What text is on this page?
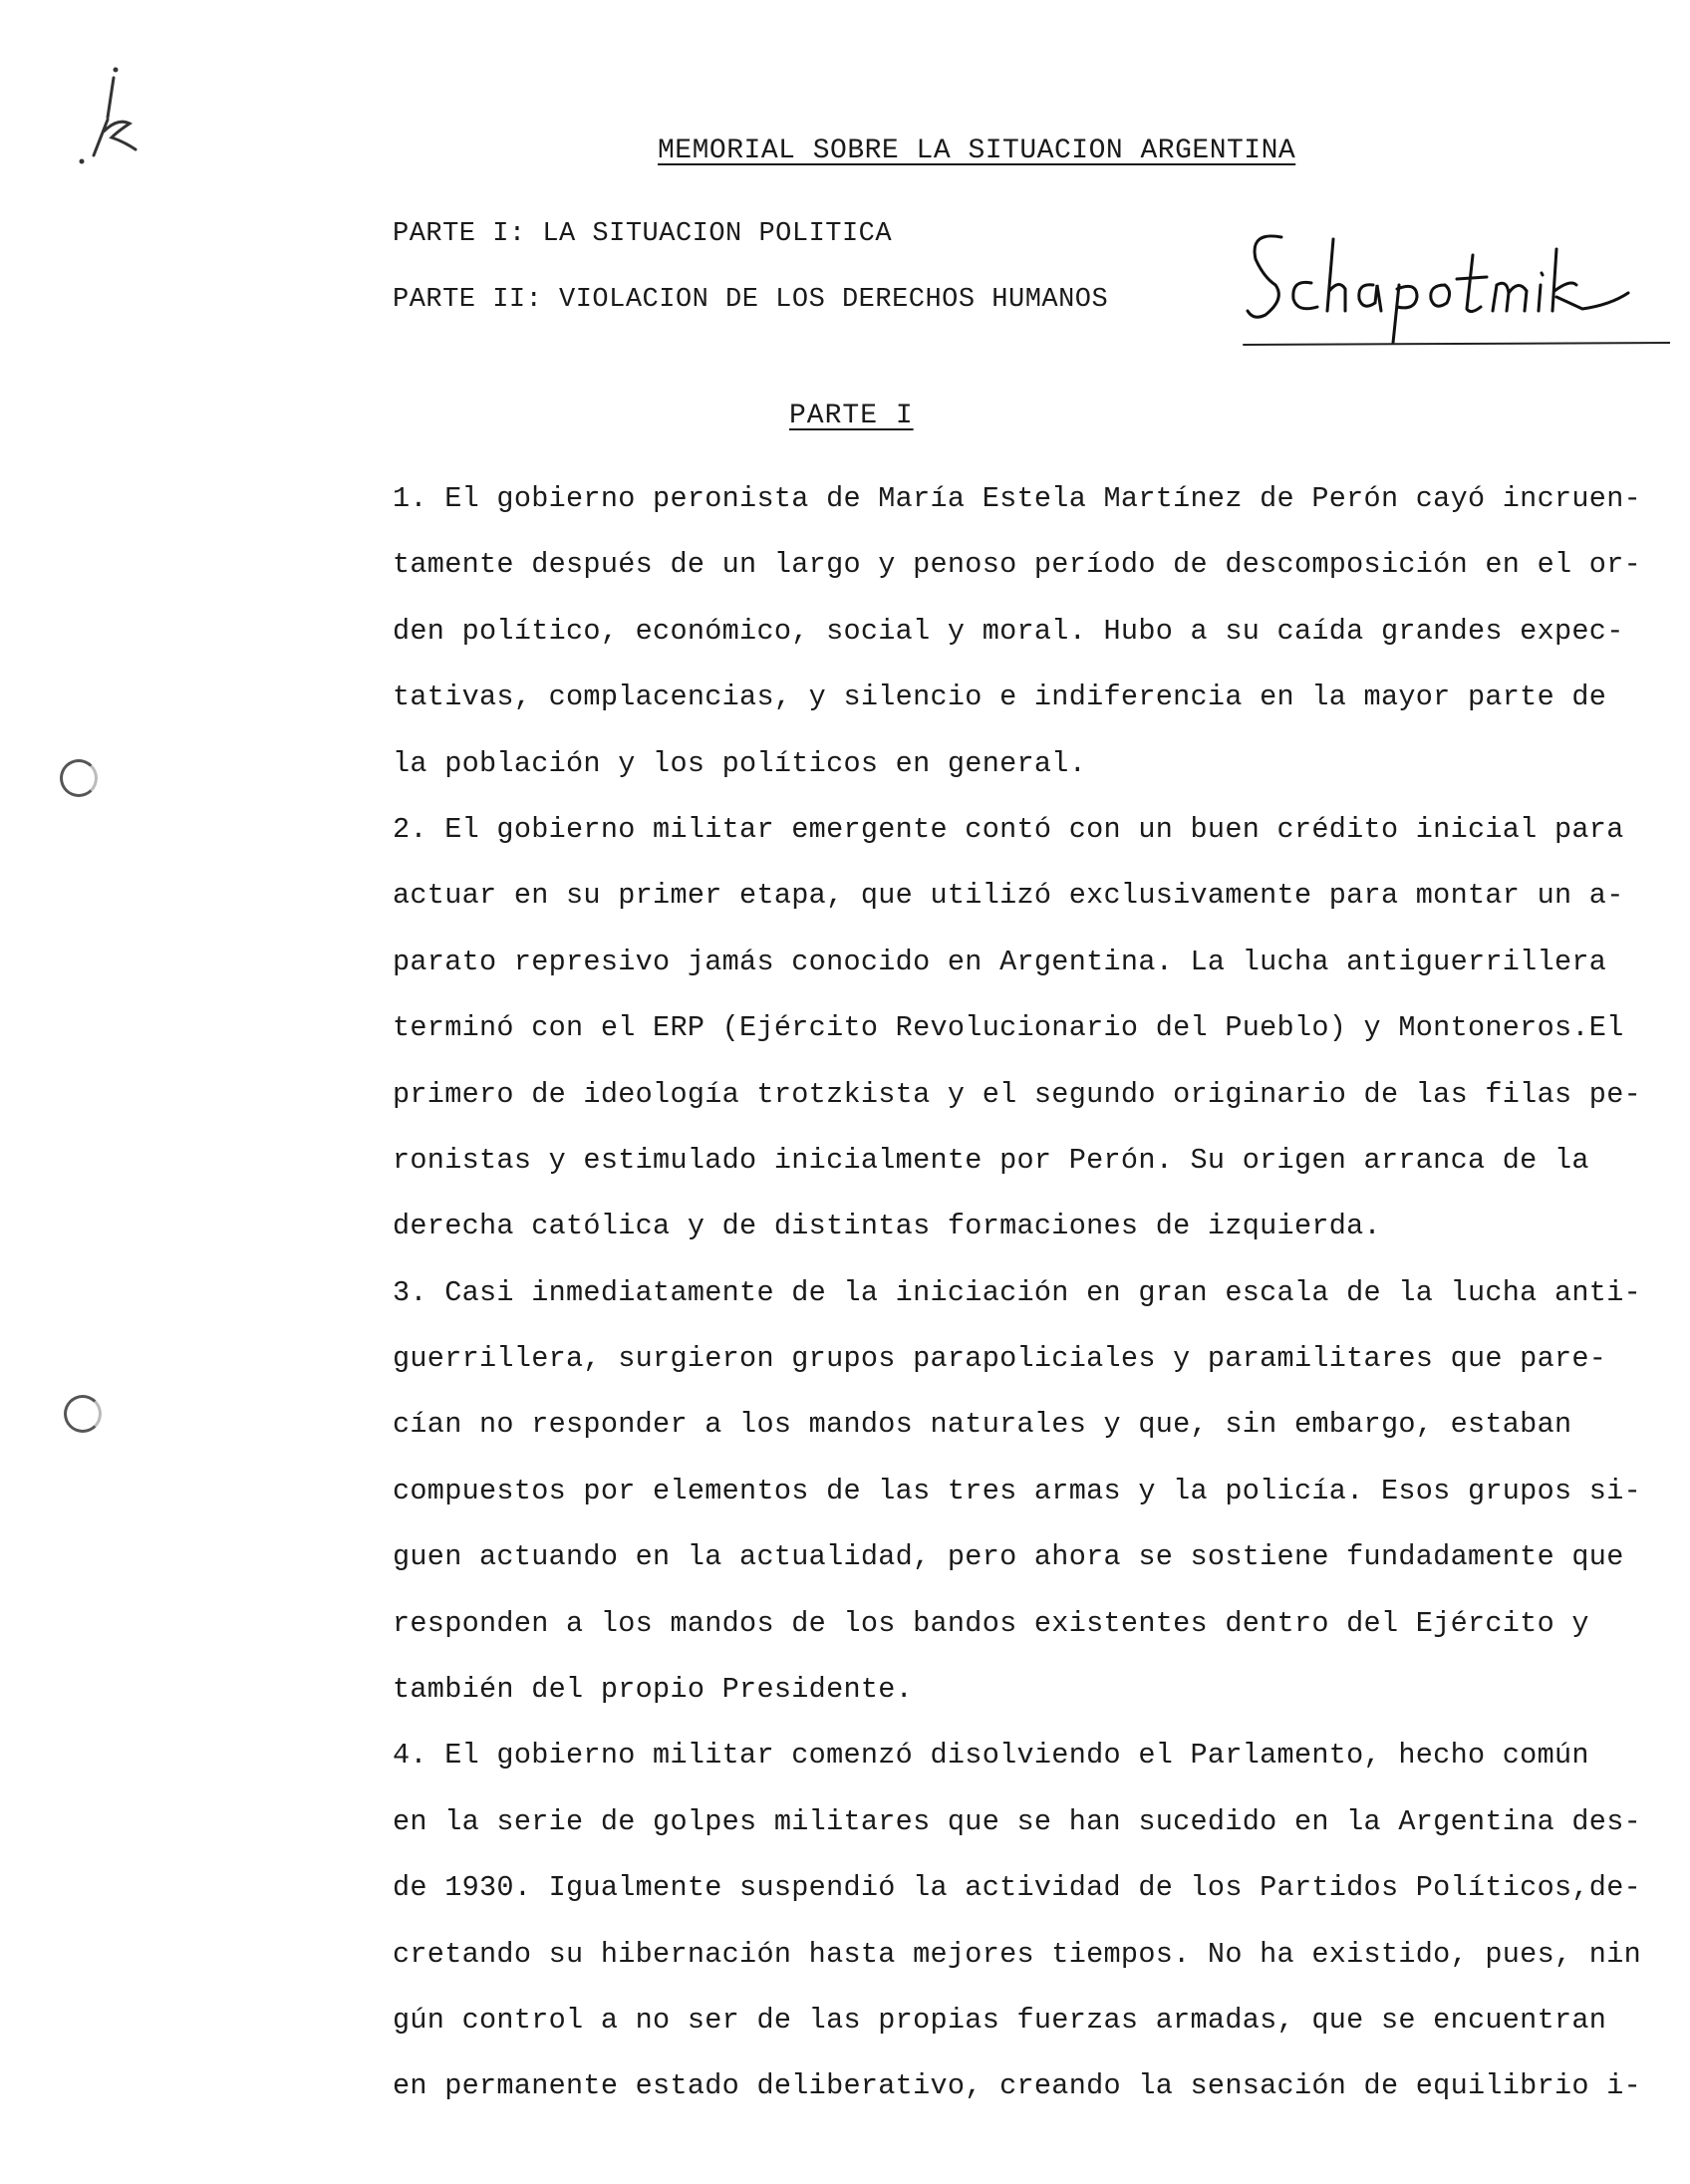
MEMORIAL SOBRE LA SITUACION ARGENTINA
PARTE I: LA SITUACION POLITICA
PARTE II: VIOLACION DE LOS DERECHOS HUMANOS
PARTE I
1. El gobierno peronista de María Estela Martínez de Perón cayó incruen-
tamente después de un largo y penoso período de descomposición en el or-
den político, económico, social y moral. Hubo a su caída grandes expec-
tativas, complacencias, y silencio e indiferencia en la mayor parte de
la población y los políticos en general.
2. El gobierno militar emergente contó con un buen crédito inicial para
actuar en su primer etapa, que utilizó exclusivamente para montar un a-
parato represivo jamás conocido en Argentina. La lucha antiguerrillera
terminó con el ERP (Ejército Revolucionario del Pueblo) y Montoneros.El
primero de ideología trotzkista y el segundo originario de las filas pe-
ronistas y estimulado inicialmente por Perón. Su origen arranca de la
derecha católica y de distintas formaciones de izquierda.
3. Casi inmediatamente de la iniciación en gran escala de la lucha anti-
guerrillera, surgieron grupos parapoliciales y paramilitares que pare-
cían no responder a los mandos naturales y que, sin embargo, estaban
compuestos por elementos de las tres armas y la policía. Esos grupos si-
guen actuando en la actualidad, pero ahora se sostiene fundadamente que
responden a los mandos de los bandos existentes dentro del Ejército y
también del propio Presidente.
4. El gobierno militar comenzó disolviendo el Parlamento, hecho común
en la serie de golpes militares que se han sucedido en la Argentina des-
de 1930. Igualmente suspendió la actividad de los Partidos Políticos,de-
cretando su hibernación hasta mejores tiempos. No ha existido, pues, nin
gún control a no ser de las propias fuerzas armadas, que se encuentran
en permanente estado deliberativo, creando la sensación de equilibrio i-
